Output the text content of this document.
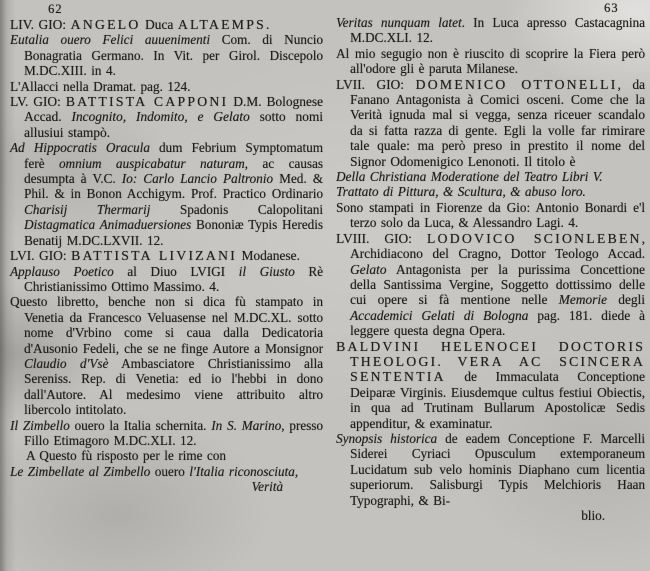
62	63

LIV. GIO: ANGELO Duca ALTAEMPS.

Eutalia ouero Felici auuenimenti Com. di Nuncio Bonagratia Germano. In Vit. per Girol. Discepolo M.DC.XIII. in 4.

L'Allacci nella Dramat. pag. 124.

LV. GIO: BATTISTA CAPPONI D.M. Bolognese Accad. Incognito, Indomito, e Gelato sotto nomi allusiui stampò.

Ad Hippocratis Oracula dum Febrium Symptomatum ferè omnium auspicabatur naturam, ac causas desumpta à V.C. Io: Carlo Lancio Paltronio Med. & Phil. & in Bonon Acchigym. Prof. Practico Ordinario Charisij Thermarij Spadonis Calopolitani Distagmatica Animaduersiones Bononiæ Typis Heredis Benatij M.DC.LXVII. 12.

LVI. GIO: BATTISTA LIVIZANI Modanese.

Applauso Poetico al Diuo LVIGI il Giusto Rè Christianissimo Ottimo Massimo. 4.

Questo libretto, benche non si dica fù stampato in Venetia da Francesco Veluasense nel M.DC.XL. sotto nome d'Vrbino come si caua dalla Dedicatoria d'Ausonio Fedeli, che se ne finge Autore a Monsignor Claudio d'Vsè Ambasciatore Christianissimo alla Sereniss. Rep. di Venetia: ed io l'hebbi in dono dall'Autore. Al medesimo viene attribuito altro libercolo intitolato.

Il Zimbello ouero la Italia schernita. In S. Marino, presso Fillo Etimagoro M.DC.XLI. 12.

A Questo fù risposto per le rime con

Le Zimbellate al Zimbello ouero l'Italia riconosciuta,

Verità

Veritas nunquam latet. In Luca apresso Castacagnina M.DC.XLI. 12.

Al mio segugio non è riuscito di scoprire la Fiera però all'odore gli è paruta Milanese.

LVII. GIO: DOMENICO OTTONELLI, da Fanano Antagonista à Comici osceni. Come che la Verità ignuda mal si vegga, senza riceuer scandalo da si fatta razza di gente. Egli la volle far rimirare tale quale: ma però preso in prestito il nome del Signor Odomenigico Lenonoti. Il titolo è

Della Christiana Moderatione del Teatro Libri V.

Trattato di Pittura, & Scultura, & abuso loro.

Sono stampati in Fiorenze da Gio: Antonio Bonardi e'l terzo solo da Luca, & Alessandro Lagi. 4.

LVIII. GIO: LODOVICO SCIONLEBEN, Archidiacono del Cragno, Dottor Teologo Accad. Gelato Antagonista per la purissima Concettione della Santissima Vergine, Soggetto dottissimo delle cui opere si fà mentione nelle Memorie degli Accademici Gelati di Bologna pag. 181. diede à leggere questa degna Opera.

BALDVINI HELENOCEI DOCTORIS THEOLOGI. VERA AC SCINCERA SENTENTIA de Immaculata Conceptione Deiparæ Virginis. Eiusdemque cultus festiui Obiectis, in qua ad Trutinam Bullarum Apostolicæ Sedis appenditur, & examinatur.

Synopsis historica de eadem Conceptione F. Marcelli Siderei Cyriaci Opusculum extemporaneum Lucidatum sub velo hominis Diaphano cum licentia superiorum. Salisburgi Typis Melchioris Haan Typographi, & Bi-

blio.
